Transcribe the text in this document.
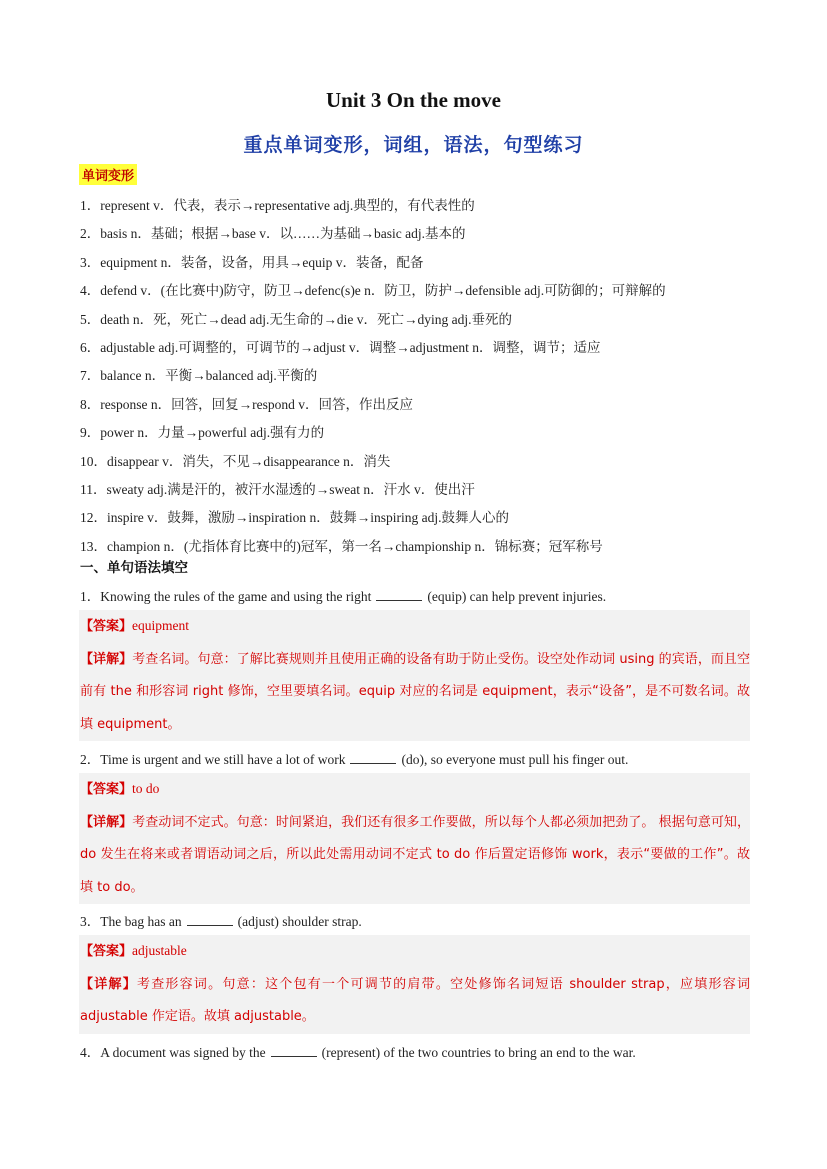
Unit 3 On the move
重点单词变形，词组，语法，句型练习
单词变形
1．represent v．代表，表示→representative adj.典型的，有代表性的
2．basis n．基础；根据→base v．以……为基础→basic adj.基本的
3．equipment n．装备，设备，用具→equip v．装备，配备
4．defend v．(在比赛中)防守，防卫→defenc(s)e n．防卫，防护→defensible adj.可防御的；可辩解的
5．death n．死，死亡→dead adj.无生命的→die v．死亡→dying adj.垂死的
6．adjustable adj.可调整的，可调节的→adjust v．调整→adjustment n．调整，调节；适应
7．balance n．平衡→balanced adj.平衡的
8．response n．回答，回复→respond v．回答，作出反应
9．power n．力量→powerful adj.强有力的
10．disappear v．消失，不见→disappearance n．消失
11．sweaty adj.满是汗的，被汗水湿透的→sweat n．汗水 v．使出汗
12．inspire v．鼓舞，激励→inspiration n．鼓舞→inspiring adj.鼓舞人心的
13．champion n．(尤指体育比赛中的)冠军，第一名→championship n．锦标赛；冠军称号
一、单句语法填空
1．Knowing the rules of the game and using the right	(equip) can help prevent injuries.
【答案】equipment
【详解】考查名词。句意：了解比赛规则并且使用正确的设备有助于防止受伤。设空处作动词 using 的宾语，而且空前有 the 和形容词 right 修饰，空里要填名词。equip 对应的名词是 equipment，表示“设备”，是不可数名词。故填 equipment。
2．Time is urgent and we still have a lot of work	(do), so everyone must pull his finger out.
【答案】to do
【详解】考查动词不定式。句意：时间紧迫，我们还有很多工作要做，所以每个人都必须加把劲了。 根据句意可知，do 发生在将来或者谓语动词之后，所以此处需用动词不定式 to do 作后置定语修饰 work，表示“要做的工作”。故填 to do。
3．The bag has an	(adjust) shoulder strap.
【答案】adjustable
【详解】考查形容词。句意：这个包有一个可调节的肩带。空处修饰名词短语 shoulder strap，应填形容词 adjustable 作定语。故填 adjustable。
4．A document was signed by the	(represent) of the two countries to bring an end to the war.
